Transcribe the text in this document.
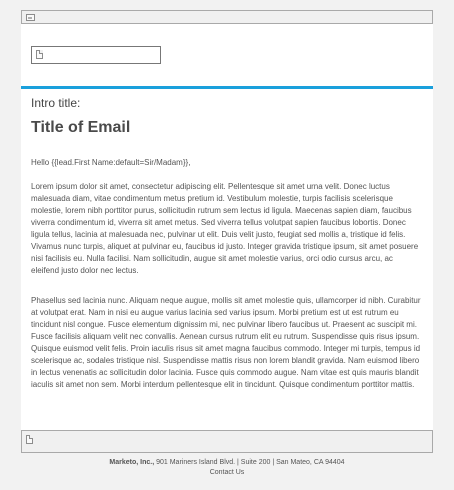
Intro title:
Title of Email
Hello {{lead.First Name:default=Sir/Madam}},
Lorem ipsum dolor sit amet, consectetur adipiscing elit. Pellentesque sit amet urna velit. Donec luctus malesuada diam, vitae condimentum metus pretium id. Vestibulum molestie, turpis facilisis scelerisque molestie, lorem nibh porttitor purus, sollicitudin rutrum sem lectus id ligula. Maecenas sapien diam, faucibus viverra condimentum id, viverra sit amet metus. Sed viverra tellus volutpat sapien faucibus lobortis. Donec ligula tellus, lacinia at malesuada nec, pulvinar ut elit. Duis velit justo, feugiat sed mollis a, tristique id felis. Vivamus nunc turpis, aliquet at pulvinar eu, faucibus id justo. Integer gravida tristique ipsum, sit amet posuere nisi facilisis eu. Nulla facilisi. Nam sollicitudin, augue sit amet molestie varius, orci odio cursus arcu, ac eleifend justo dolor nec lectus.
Phasellus sed lacinia nunc. Aliquam neque augue, mollis sit amet molestie quis, ullamcorper id nibh. Curabitur at volutpat erat. Nam in nisi eu augue varius lacinia sed varius ipsum. Morbi pretium est ut est rutrum eu tincidunt nisl congue. Fusce elementum dignissim mi, nec pulvinar libero faucibus ut. Praesent ac suscipit mi. Fusce facilisis aliquam velit nec convallis. Aenean cursus rutrum elit eu rutrum. Suspendisse quis risus ipsum. Quisque euismod velit felis. Proin iaculis risus sit amet magna faucibus commodo. Integer mi turpis, tempus id scelerisque ac, sodales tristique nisl. Suspendisse mattis risus non lorem blandit gravida. Nam euismod libero in lectus venenatis ac sollicitudin dolor lacinia. Fusce quis commodo augue. Nam vitae est quis mauris blandit iaculis sit amet non sem. Morbi interdum pellentesque elit in tincidunt. Quisque condimentum porttitor mattis.
Marketo, Inc., 901 Mariners Island Blvd. | Suite 200 | San Mateo, CA 94404
Contact Us
